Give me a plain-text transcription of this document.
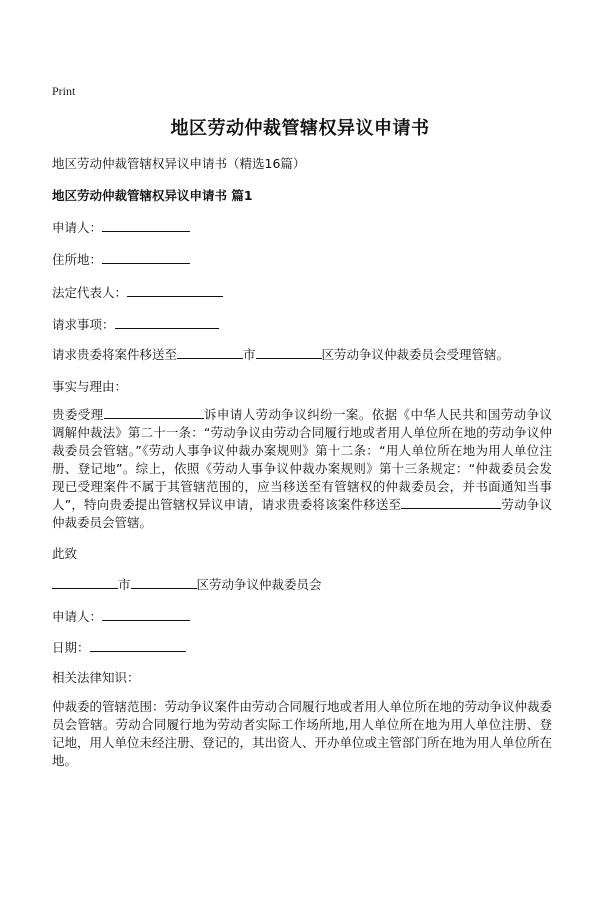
Print
地区劳动仲裁管辖权异议申请书
地区劳动仲裁管辖权异议申请书（精选16篇）
地区劳动仲裁管辖权异议申请书 篇1
申请人：
住所地：
法定代表人：
请求事项：
请求贵委将案件移送至	市	区劳动争议仲裁委员会受理管辖。
事实与理由：
贵委受理	诉申请人劳动争议纠纷一案。依据《中华人民共和国劳动争议调解仲裁法》第二十一条：“劳动争议由劳动合同履行地或者用人单位所在地的劳动争议仲裁委员会管辖。”《劳动人事争议仲裁办案规则》第十二条：“用人单位所在地为用人单位注册、登记地”。综上，依照《劳动人事争议仲裁办案规则》第十三条规定：“仲裁委员会发现已受理案件不属于其管辖范围的，应当移送至有管辖权的仲裁委员会，并书面通知当事人”，特向贵委提出管辖权异议申请，请求贵委将该案件移送至	劳动争议仲裁委员会管辖。
此致
市	区劳动争议仲裁委员会
申请人：
日期：
相关法律知识：
仲裁委的管辖范围：劳动争议案件由劳动合同履行地或者用人单位所在地的劳动争议仲裁委员会管辖。劳动合同履行地为劳动者实际工作场所地,用人单位所在地为用人单位注册、登记地，用人单位未经注册、登记的，其出资人、开办单位或主管部门所在地为用人单位所在地。
